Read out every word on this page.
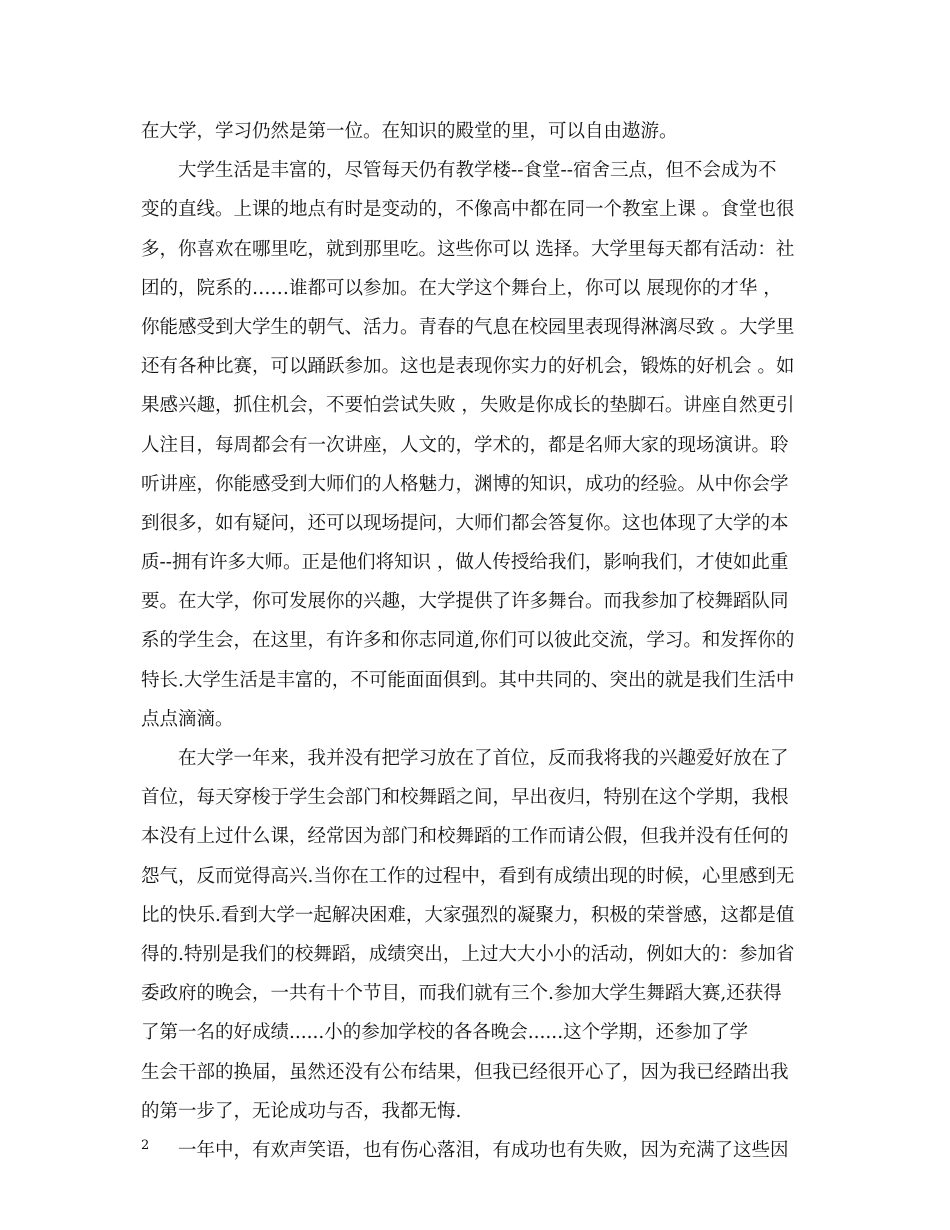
在大学，学习仍然是第一位。在知识的殿堂的里，可以自由遨游。
大学生活是丰富的，尽管每天仍有教学楼--食堂--宿舍三点，但不会成为不
变的直线。上课的地点有时是变动的，不像高中都在同一个教室上课 。食堂也很
多，你喜欢在哪里吃，就到那里吃。这些你可以 选择。大学里每天都有活动：社
团的，院系的……谁都可以参加。在大学这个舞台上，你可以 展现你的才华 ，
你能感受到大学生的朝气、活力。青春的气息在校园里表现得淋漓尽致 。大学里
还有各种比赛，可以踊跃参加。这也是表现你实力的好机会，锻炼的好机会 。如
果感兴趣，抓住机会，不要怕尝试失败 ，失败是你成长的垫脚石。讲座自然更引
人注目，每周都会有一次讲座，人文的，学术的，都是名师大家的现场演讲。聆
听讲座，你能感受到大师们的人格魅力，渊博的知识，成功的经验。从中你会学
到很多，如有疑问，还可以现场提问，大师们都会答复你。这也体现了大学的本
质--拥有许多大师。正是他们将知识 ，做人传授给我们，影响我们，才使如此重
要。在大学，你可发展你的兴趣，大学提供了许多舞台。而我参加了校舞蹈队同
系的学生会，在这里，有许多和你志同道,你们可以彼此交流，学习。和发挥你的
特长.大学生活是丰富的，不可能面面俱到。其中共同的、突出的就是我们生活中
点点滴滴。
在大学一年来，我并没有把学习放在了首位，反而我将我的兴趣爱好放在了
首位，每天穿梭于学生会部门和校舞蹈之间，早出夜归，特别在这个学期，我根
本没有上过什么课，经常因为部门和校舞蹈的工作而请公假，但我并没有任何的
怨气，反而觉得高兴.当你在工作的过程中，看到有成绩出现的时候，心里感到无
比的快乐.看到大学一起解决困难，大家强烈的凝聚力，积极的荣誉感，这都是值
得的.特别是我们的校舞蹈，成绩突出，上过大大小小的活动，例如大的：参加省
委政府的晚会，一共有十个节目，而我们就有三个.参加大学生舞蹈大赛,还获得
了第一名的好成绩......小的参加学校的各各晚会......这个学期，还参加了学
生会干部的换届，虽然还没有公布结果，但我已经很开心了，因为我已经踏出我
的第一步了，无论成功与否，我都无悔.
一年中，有欢声笑语，也有伤心落泪，有成功也有失败，因为充满了这些因
2
